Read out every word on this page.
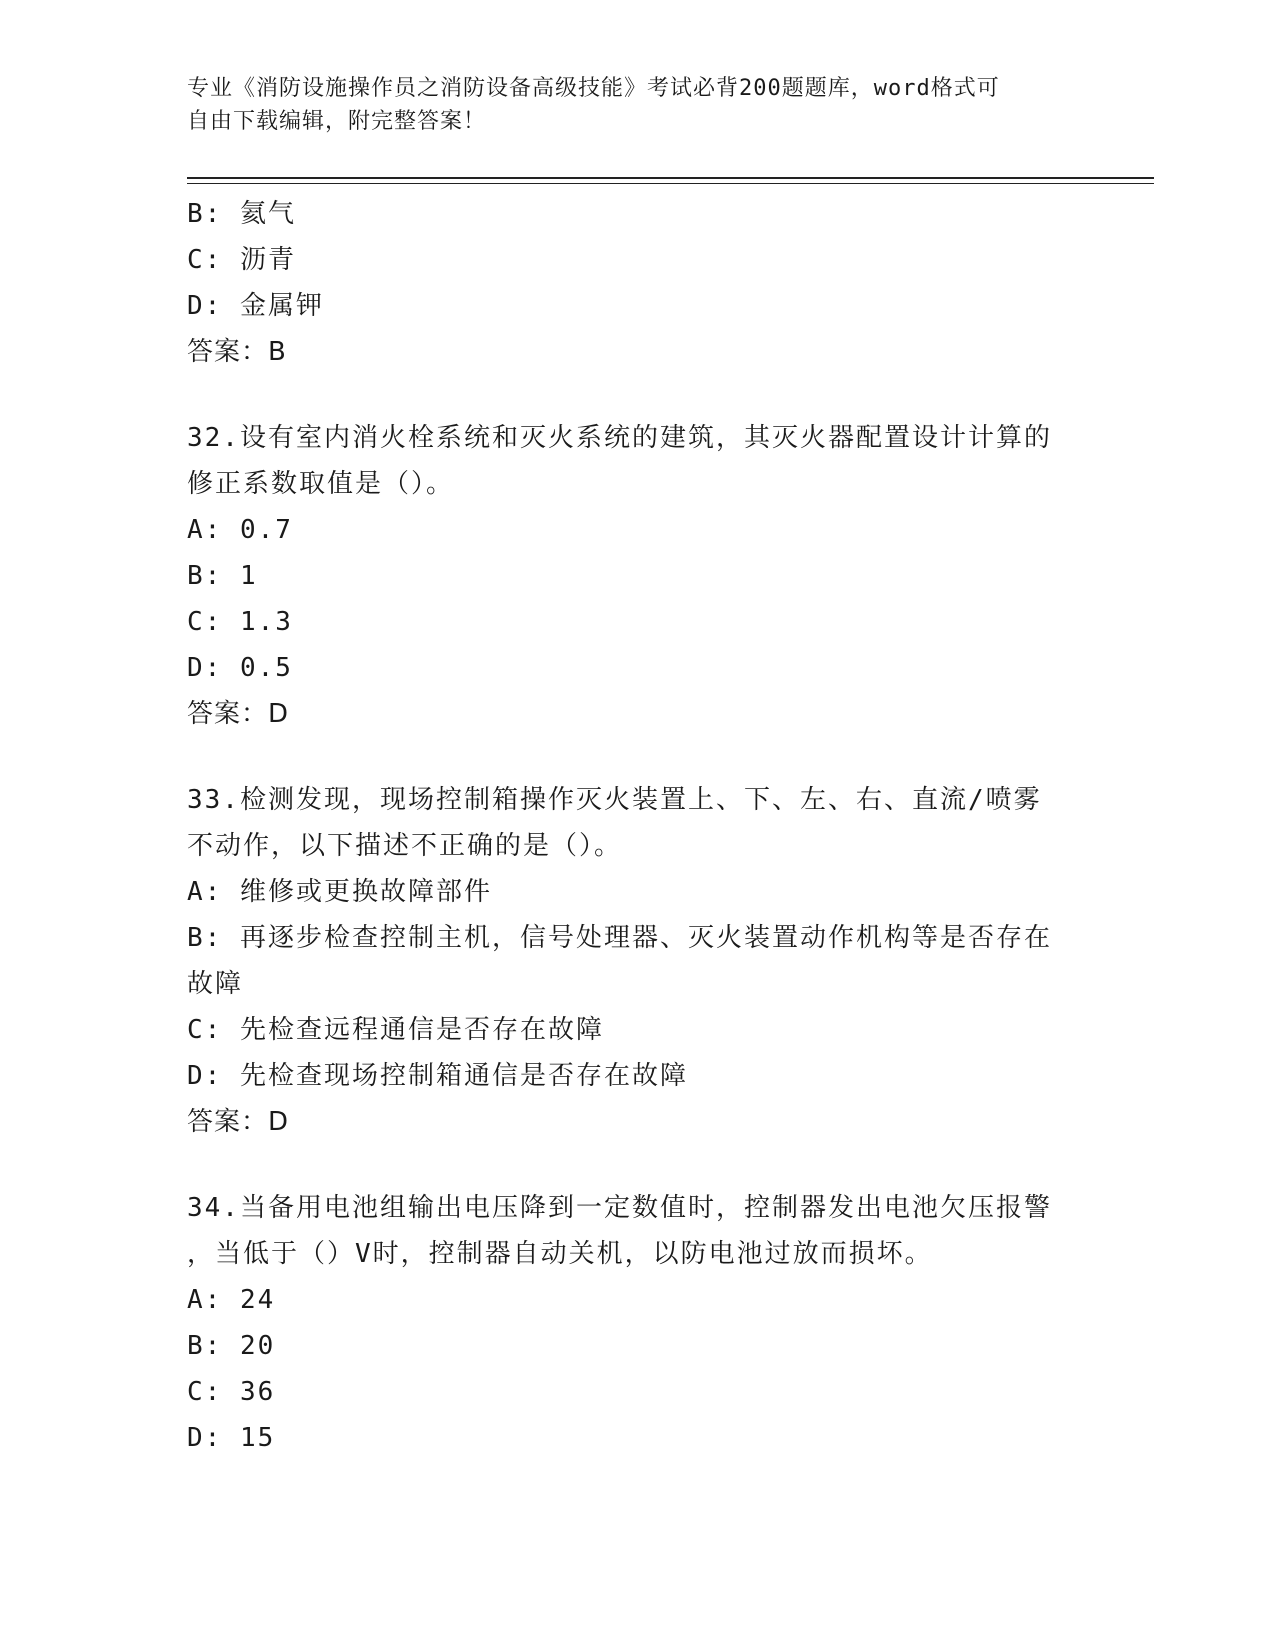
专业《消防设施操作员之消防设备高级技能》考试必背200题题库，word格式可
自由下载编辑，附完整答案！
B: 氦气
C: 沥青
D: 金属钾
答案：B
32.设有室内消火栓系统和灭火系统的建筑，其灭火器配置设计计算的
修正系数取值是（）。
A: 0.7
B: 1
C: 1.3
D: 0.5
答案：D
33.检测发现，现场控制箱操作灭火装置上、下、左、右、直流/喷雾
不动作，以下描述不正确的是（）。
A: 维修或更换故障部件
B: 再逐步检查控制主机，信号处理器、灭火装置动作机构等是否存在
故障
C: 先检查远程通信是否存在故障
D: 先检查现场控制箱通信是否存在故障
答案：D
34.当备用电池组输出电压降到一定数值时，控制器发出电池欠压报警
，当低于（）V时，控制器自动关机，以防电池过放而损坏。
A: 24
B: 20
C: 36
D: 15
